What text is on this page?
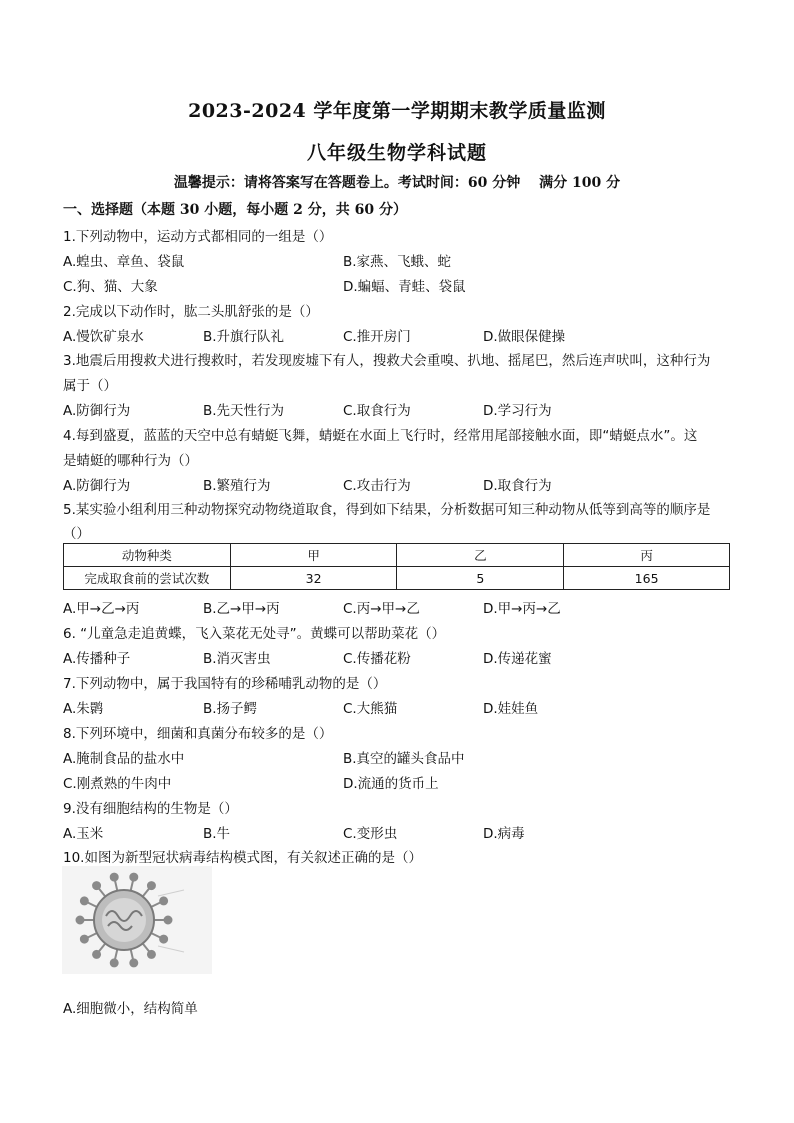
2023-2024 学年度第一学期期末教学质量监测
八年级生物学科试题
温馨提示：请将答案写在答题卷上。考试时间：60 分钟　 满分 100 分
一、选择题（本题 30 小题，每小题 2 分，共 60 分）
1.下列动物中，运动方式都相同的一组是（）
A.蝗虫、章鱼、袋鼠	B.家燕、飞蛾、蛇
C.狗、猫、大象	D.蝙蝠、青蛙、袋鼠
2.完成以下动作时，肱二头肌舒张的是（）
A.慢饮矿泉水	B.升旗行队礼	C.推开房门	D.做眼保健操
3.地震后用搜救犬进行搜救时，若发现废墟下有人，搜救犬会重嗅、扒地、摇尾巴，然后连声吠叫，这种行为
属于（）
A.防御行为	B.先天性行为	C.取食行为	D.学习行为
4.每到盛夏，蓝蓝的天空中总有蜻蜓飞舞，蜻蜓在水面上飞行时，经常用尾部接触水面，即“蜻蜓点水”。这
是蜻蜓的哪种行为（）
A.防御行为	B.繁殖行为	C.攻击行为	D.取食行为
5.某实验小组利用三种动物探究动物绕道取食，得到如下结果，分析数据可知三种动物从低等到高等的顺序是
（）
动物种类	甲	乙	丙
完成取食前的尝试次数	32	5	165
A.甲→乙→丙	B.乙→甲→丙	C.丙→甲→乙	D.甲→丙→乙
6. “儿童急走追黄蝶，飞入菜花无处寻”。黄蝶可以帮助菜花（）
A.传播种子	B.消灭害虫	C.传播花粉	D.传递花蜜
7.下列动物中，属于我国特有的珍稀哺乳动物的是（）
A.朱鹮	B.扬子鳄	C.大熊猫	D.娃娃鱼
8.下列环境中，细菌和真菌分布较多的是（）
A.腌制食品的盐水中	B.真空的罐头食品中
C.刚煮熟的牛肉中	D.流通的货币上
9.没有细胞结构的生物是（）
A.玉米	B.牛	C.变形虫	D.病毒
10.如图为新型冠状病毒结构模式图，有关叙述正确的是（）
A.细胞微小，结构简单
